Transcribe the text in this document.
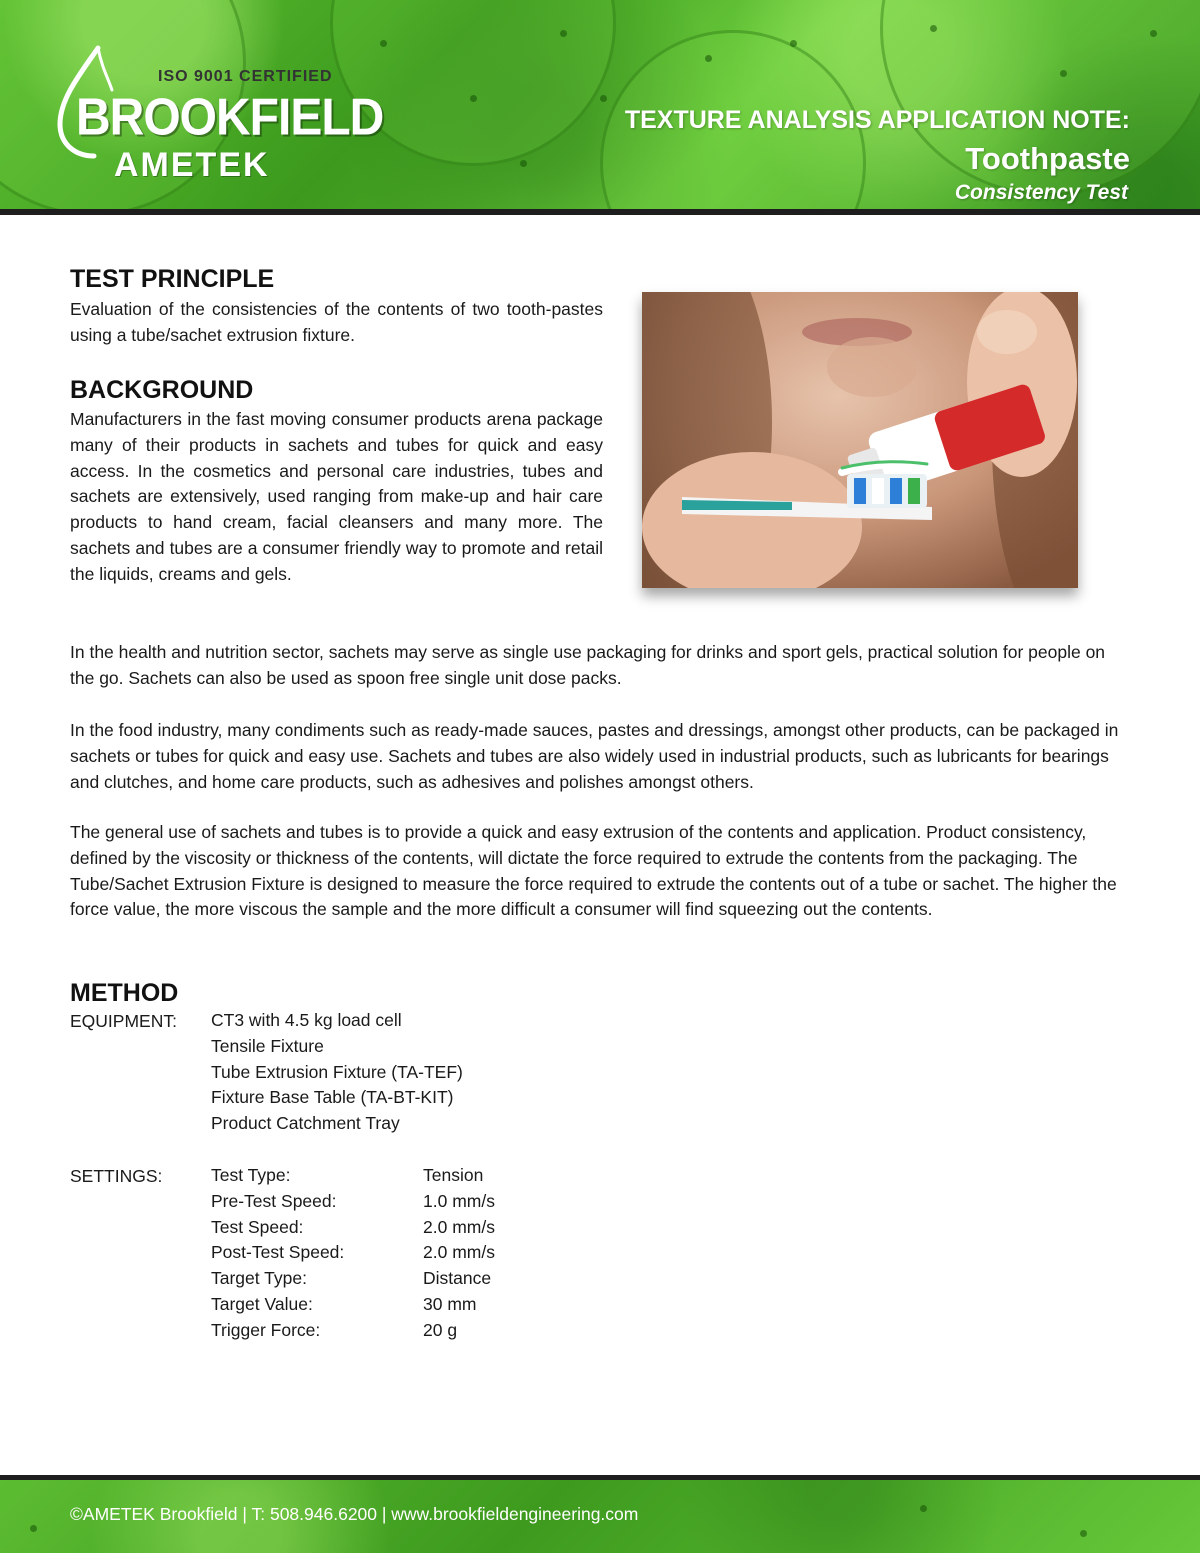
ISO 9001 CERTIFIED
BROOKFIELD
AMETEK
TEXTURE ANALYSIS APPLICATION NOTE:
Toothpaste
Consistency Test
TEST PRINCIPLE

Evaluation of the consistencies of the contents of two tooth-pastes using a tube/sachet extrusion fixture.

BACKGROUND

Manufacturers in the fast moving consumer products arena package many of their products in sachets and tubes for quick and easy access. In the cosmetics and personal care industries, tubes and sachets are extensively, used ranging from make-up and hair care products to hand cream, facial cleansers and many more. The sachets and tubes are a consumer friendly way to promote and retail the liquids, creams and gels.

In the health and nutrition sector, sachets may serve as single use packaging for drinks and sport gels, practical solution for people on the go. Sachets can also be used as spoon free single unit dose packs.

In the food industry, many condiments such as ready-made sauces, pastes and dressings, amongst other products, can be packaged in sachets or tubes for quick and easy use. Sachets and tubes are also widely used in industrial products, such as lubricants for bearings and clutches, and home care products, such as adhesives and polishes amongst others.

The general use of sachets and tubes is to provide a quick and easy extrusion of the contents and application. Product consistency, defined by the viscosity or thickness of the contents, will dictate the force required to extrude the contents from the packaging. The Tube/Sachet Extrusion Fixture is designed to measure the force required to extrude the contents out of a tube or sachet. The higher the force value, the more viscous the sample and the more difficult a consumer will find squeezing out the contents.

METHOD
EQUIPMENT: CT3 with 4.5 kg load cell
Tensile Fixture
Tube Extrusion Fixture (TA-TEF)
Fixture Base Table (TA-BT-KIT)
Product Catchment Tray
SETTINGS:	Test Type:	Tension
Pre-Test Speed:	1.0 mm/s
Test Speed:	2.0 mm/s
Post-Test Speed:	2.0 mm/s
Target Type:	Distance
Target Value:	30 mm
Trigger Force:	20 g
©AMETEK Brookfield | T: 508.946.6200 | www.brookfieldengineering.com
